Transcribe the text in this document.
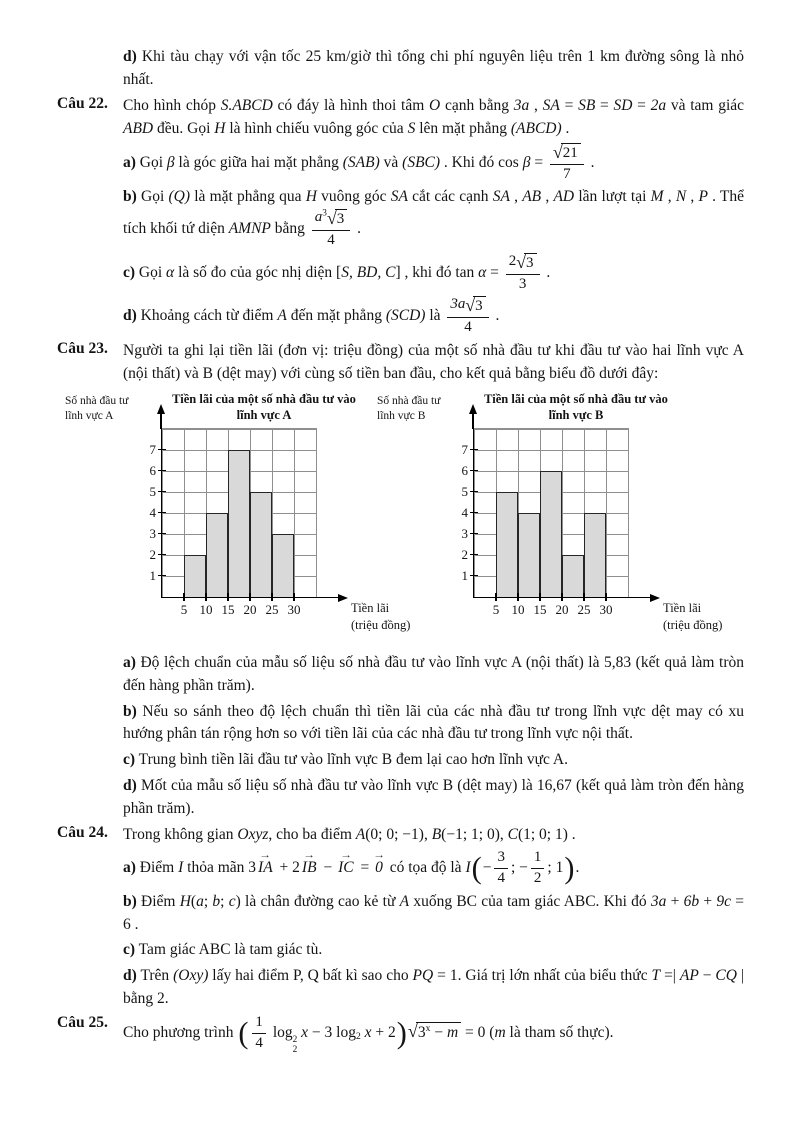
d) Khi tàu chạy với vận tốc 25 km/giờ thì tổng chi phí nguyên liệu trên 1 km đường sông là nhỏ nhất.
Câu 22. Cho hình chóp S.ABCD có đáy là hình thoi tâm O cạnh bằng 3a , SA = SB = SD = 2a và tam giác ABD đều. Gọi H là hình chiếu vuông góc của S lên mặt phẳng (ABCD) .
a) Gọi β là góc giữa hai mặt phẳng (SAB) và (SBC) . Khi đó cos β = √ $\frac{21}{7}$ .
b) Gọi (Q) là mặt phẳng qua H vuông góc SA cắt các cạnh SA , AB , AD lần lượt tại M , N , P . Thể tích khối tứ diện AMNP bằng $\frac{a^3 √ 3}{4}$ .
c) Gọi α là số đo của góc nhị diện [S, BD, C] , khi đó $\tan \alpha = \frac{2 √ 3}{3}$ .
d) Khoảng cách từ điểm A đến mặt phẳng (SCD) là $\frac{3a √ 3}{4}$ .
Câu 23. Người ta ghi lại tiền lãi (đơn vị: triệu đồng) của một số nhà đầu tư khi đầu tư vào hai lĩnh vực A (nội thất) và B (dệt may) với cùng số tiền ban đầu, cho kết quả bằng biểu đồ dưới đây:
Số nhà đầu tư
lĩnh vực A
Tiền lãi của một số nhà đầu tư vào
lĩnh vực A
1
2
3
4
5
6
7
5 10 15 20 25 30	Tiền lãi
(triệu đồng)
Số nhà đầu tư
lĩnh vực B
Tiền lãi của một số nhà đầu tư vào
lĩnh vực B
1
2
3
4
5
6
7
5 10 15 20 25 30	Tiền lãi
(triệu đồng)
a) Độ lệch chuẩn của mẫu số liệu số nhà đầu tư vào lĩnh vực A (nội thất) là 5,83 (kết quả làm tròn đến hàng phần trăm).
b) Nếu so sánh theo độ lệch chuẩn thì tiền lãi của các nhà đầu tư trong lĩnh vực dệt may có xu hướng phân tán rộng hơn so với tiền lãi của các nhà đầu tư trong lĩnh vực nội thất.
c) Trung bình tiền lãi đầu tư vào lĩnh vực B đem lại cao hơn lĩnh vực A.
d) Mốt của mẫu số liệu số nhà đầu tư vào lĩnh vực B (dệt may) là 16,67 (kết quả làm tròn đến hàng phần trăm).
Câu 24. Trong không gian Oxyz, cho ba điểm A(0; 0; −1), B(−1; 1; 0), C(1; 0; 1) .
a) Điểm I thỏa mãn 3 → IA + 2 → IB − → IC = → 0 có tọa độ là $I(- \frac{3}{4}$ ; − $\frac{1}{2}$ ; 1).
b) Điểm H(a; b; c) là chân đường cao kẻ từ A xuống BC của tam giác ABC. Khi đó 3a + 6b + 9c = 6 .
c) Tam giác ABC là tam giác tù.
d) Trên (Oxy) lấy hai điểm P, Q bất kì sao cho PQ = 1. Giá trị lớn nhất của biểu thức T =| AP − CQ | bằng 2.
Câu 25.
Cho phương trình ( $\frac{1}{4}$ log 2
2
x − 3 $\log_2 x + 2$) √ $3^x - m = 0$ (m là tham số thực).
